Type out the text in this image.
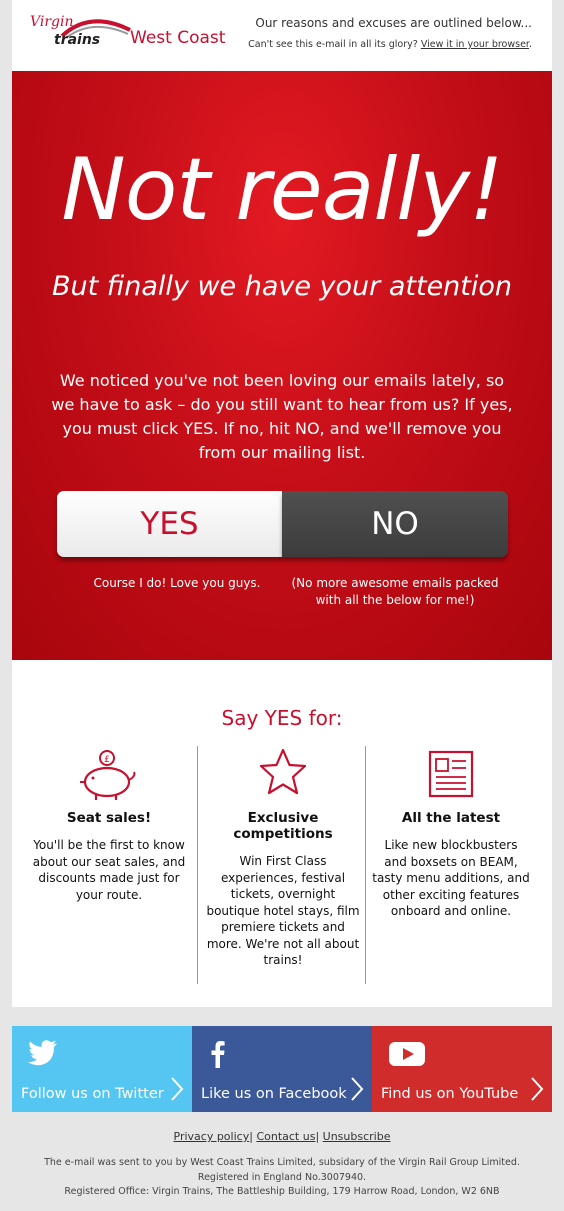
Virgin
trains West Coast
Our reasons and excuses are outlined below...
Can't see this e-mail in all its glory? View it in your browser.
Not really!
But finally we have your attention
We noticed you've not been loving our emails lately, so we have to ask – do you still want to hear from us? If yes, you must click YES. If no, hit NO, and we'll remove you from our mailing list.
YES	NO
Course I do! Love you guys.	(No more awesome emails packed with all the below for me!)
Say YES for:
£
Seat sales!
You'll be the first to know about our seat sales, and discounts made just for your route.
Exclusive competitions
Win First Class experiences, festival tickets, overnight boutique hotel stays, film premiere tickets and more. We're not all about trains!
All the latest
Like new blockbusters and boxsets on BEAM, tasty menu additions, and other exciting features onboard and online.
Follow us on Twitter	Like us on Facebook Find us on YouTube
Privacy policy| Contact us| Unsubscribe
The e-mail was sent to you by West Coast Trains Limited, subsidary of the Virgin Rail Group Limited. Registered in England No.3007940.
Registered Office: Virgin Trains, The Battleship Building, 179 Harrow Road, London, W2 6NB
